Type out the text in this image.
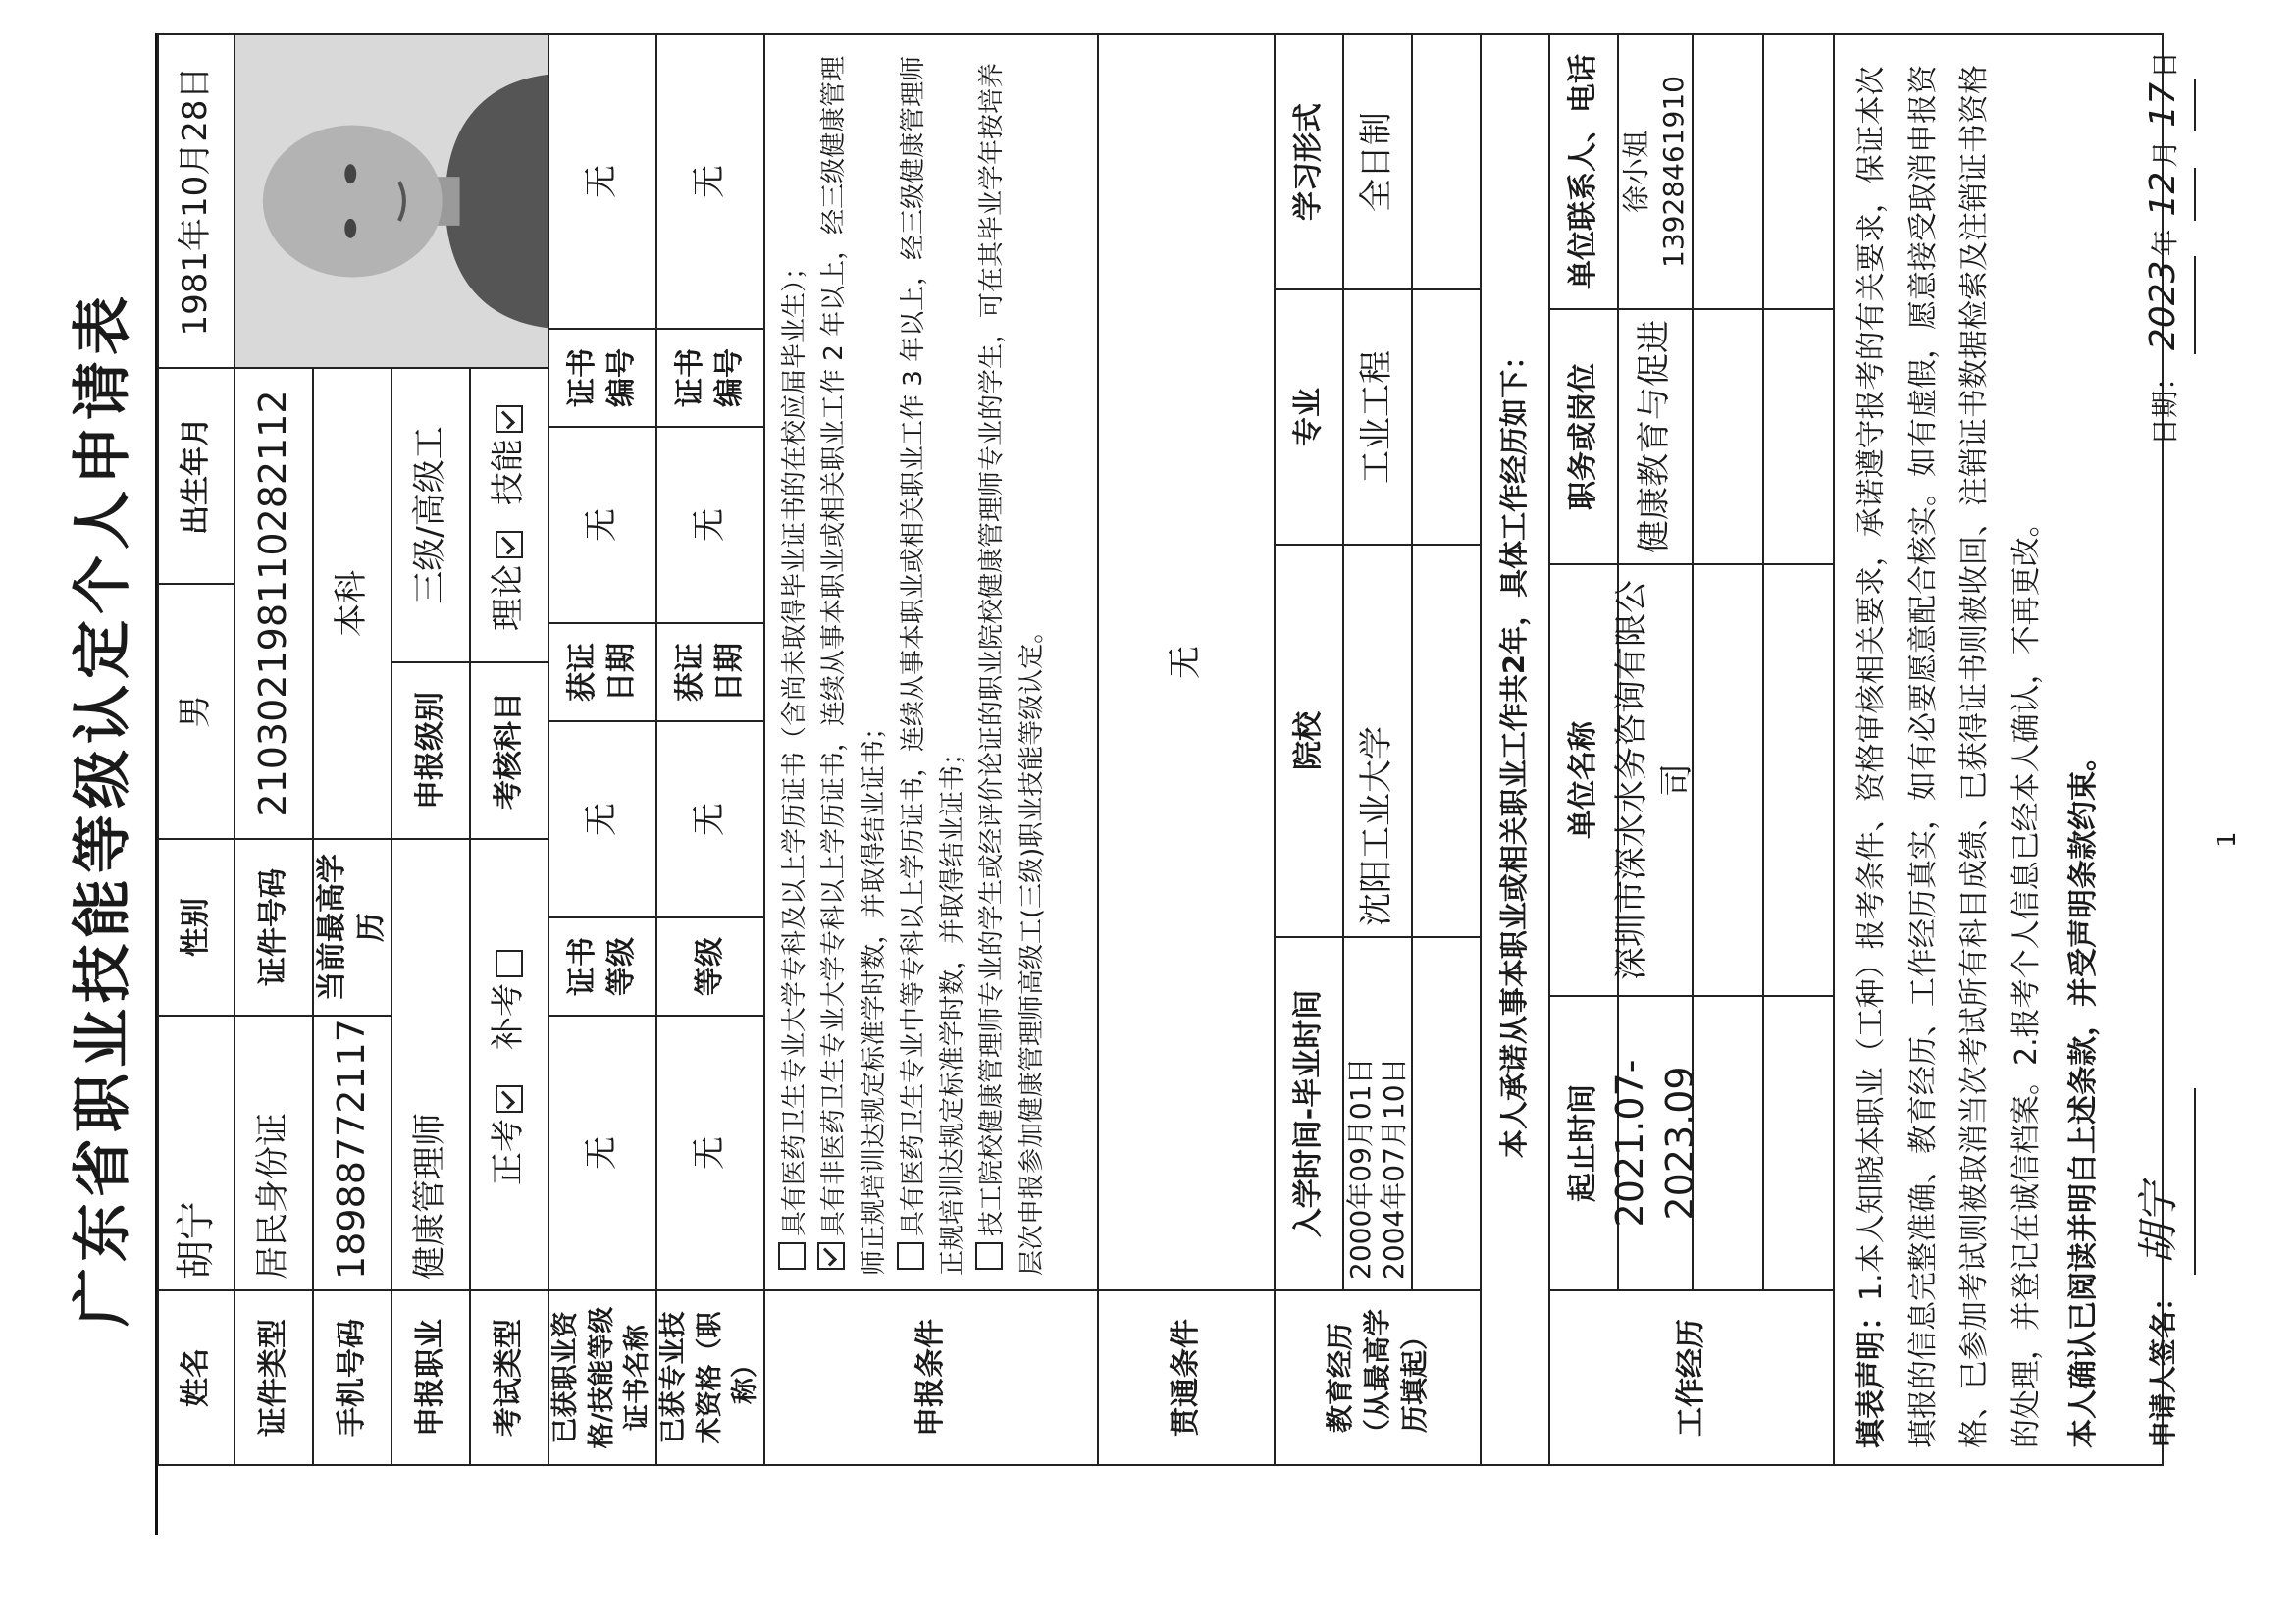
广东省职业技能等级认定个人申请表
姓名
胡宁
性别
男
出生年月
1981年10月28日
证件类型
居民身份证
证件号码
210302198110282112
手机号码
18988772117
当前最高学历
本科
申报职业
健康管理师
申报级别
三级/高级工
考试类型
正考
补考
考核科目
理论
技能
已获职业资格/技能等级证书名称
无
证书等级
无
获证日期
无
证书编号
无
已获专业技术资格（职称）
无
等级
无
获证日期
无
证书编号
无
申报条件

具有医药卫生专业大学专科及以上学历证书（含尚未取得毕业证书的在校应届毕业生）； 具有非医药卫生专业大学专科以上学历证书，连续从事本职业或相关职业工作 2 年以上，经三级健康管理师正规培训达规定标准学时数，并取得结业证书； 具有医药卫生专业中等专科以上学历证书，连续从事本职业或相关职业工作 3 年以上，经三级健康管理师正规培训达规定标准学时数，并取得结业证书； 技工院校健康管理师专业的学生或经评价论证的职业院校健康管理师专业的学生，可在其毕业学年按培养层次申报参加健康管理师高级工(三级)职业技能等级认定。

贯通条件
无
教育经历（从最高学历填起）
入学时间-毕业时间
院校
专业
学习形式
2000年09月01日
2004年07月10日
沈阳工业大学
工业工程
全日制
本人承诺从事本职业或相关职业工作共2年，具体工作经历如下：
工作经历
起止时间
单位名称
职务或岗位
单位联系人、电话
2021.07-2023.09
深圳市深水水务咨询有限公司
健康教育与促进
徐小姐13928461910

填表声明：1.本人知晓本职业（工种）报考条件、资格审核相关要求，承诺遵守报考的有关要求，保证本次填报的信息完整准确、教育经历、工作经历真实，如有必要愿意配合核实。如有虚假，愿意接受取消申报资格、已参加考试则被取消当次考试所有科目成绩、已获得证书则被收回、注销证书数据检索及注销证书资格的处理，并登记在诚信档案。2.报考个人信息已经本人确认，不再更改。 本人确认已阅读并明白上述条款，并受声明条款约束。	申请人签名： 胡宁
日期： 2023年 12月 17日
1
